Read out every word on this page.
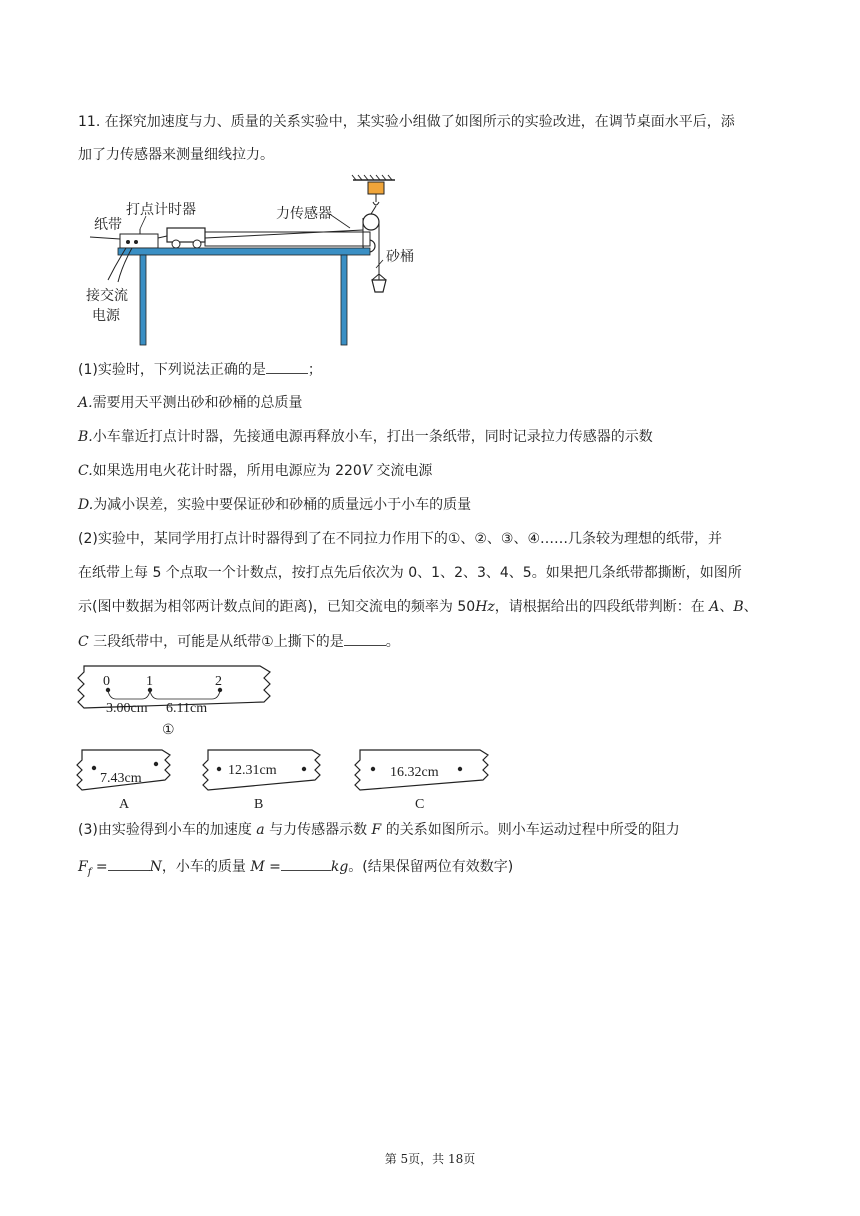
11. 在探究加速度与力、质量的关系实验中，某实验小组做了如图所示的实验改进，在调节桌面水平后，添
加了力传感器来测量细线拉力。
打点计时器
纸带
力传感器
砂桶
接交流
电源
(1)实验时，下列说法正确的是	；
A.需要用天平测出砂和砂桶的总质量
B.小车靠近打点计时器，先接通电源再释放小车，打出一条纸带，同时记录拉力传感器的示数
C.如果选用电火花计时器，所用电源应为 220V 交流电源
D.为减小误差，实验中要保证砂和砂桶的质量远小于小车的质量
(2)实验中，某同学用打点计时器得到了在不同拉力作用下的①、②、③、④……几条较为理想的纸带，并
在纸带上每 5 个点取一个计数点，按打点先后依次为 0、1、2、3、4、5。如果把几条纸带都撕断，如图所
示(图中数据为相邻两计数点间的距离)，已知交流电的频率为 50Hz，请根据给出的四段纸带判断：在 A、B、
C 三段纸带中，可能是从纸带①上撕下的是	。
0	1	2
3.00cm 6.11cm
①
7.43cm
A
12.31cm
B
16.32cm
C
(3)由实验得到小车的加速度 a 与力传感器示数 F 的关系如图所示。则小车运动过程中所受的阻力
$F_f$ =	N，小车的质量 M =	kg。(结果保留两位有效数字)
第 5页，共 18页
